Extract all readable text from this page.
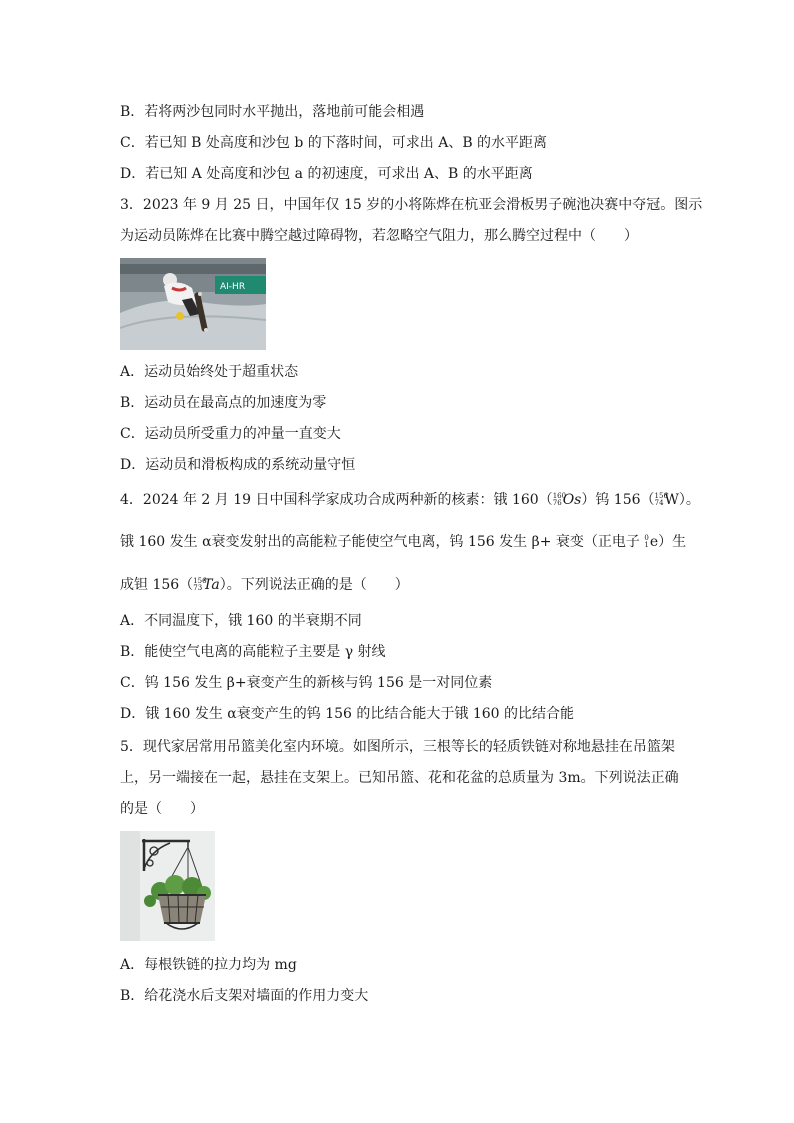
B．若将两沙包同时水平抛出，落地前可能会相遇
C．若已知 B 处高度和沙包 b 的下落时间，可求出 A、B 的水平距离
D．若已知 A 处高度和沙包 a 的初速度，可求出 A、B 的水平距离
3．2023 年 9 月 25 日，中国年仅 15 岁的小将陈烨在杭亚会滑板男子碗池决赛中夺冠。图示
为运动员陈烨在比赛中腾空越过障碍物，若忽略空气阻力，那么腾空过程中（　　）
AI-HR
A．运动员始终处于超重状态
B．运动员在最高点的加速度为零
C．运动员所受重力的冲量一直变大
D．运动员和滑板构成的系统动量守恒
4．2024 年 2 月 19 日中国科学家成功合成两种新的核素：锇 160（ 160
76 Os）钨 156（ 156
74 W）。
锇 160 发生 α衰变发射出的高能粒子能使空气电离，钨 156 发生 β+ 衰变（正电子 0
1 e）生
成钽 156（ 156
73 Ta）。下列说法正确的是（　　）
A．不同温度下，锇 160 的半衰期不同
B．能使空气电离的高能粒子主要是 γ 射线
C．钨 156 发生 β+衰变产生的新核与钨 156 是一对同位素
D．锇 160 发生 α衰变产生的钨 156 的比结合能大于锇 160 的比结合能
5．现代家居常用吊篮美化室内环境。如图所示，三根等长的轻质铁链对称地悬挂在吊篮架
上，另一端接在一起，悬挂在支架上。已知吊篮、花和花盆的总质量为 3m。下列说法正确
的是（　　）
A．每根铁链的拉力均为 mg
B．给花浇水后支架对墙面的作用力变大
